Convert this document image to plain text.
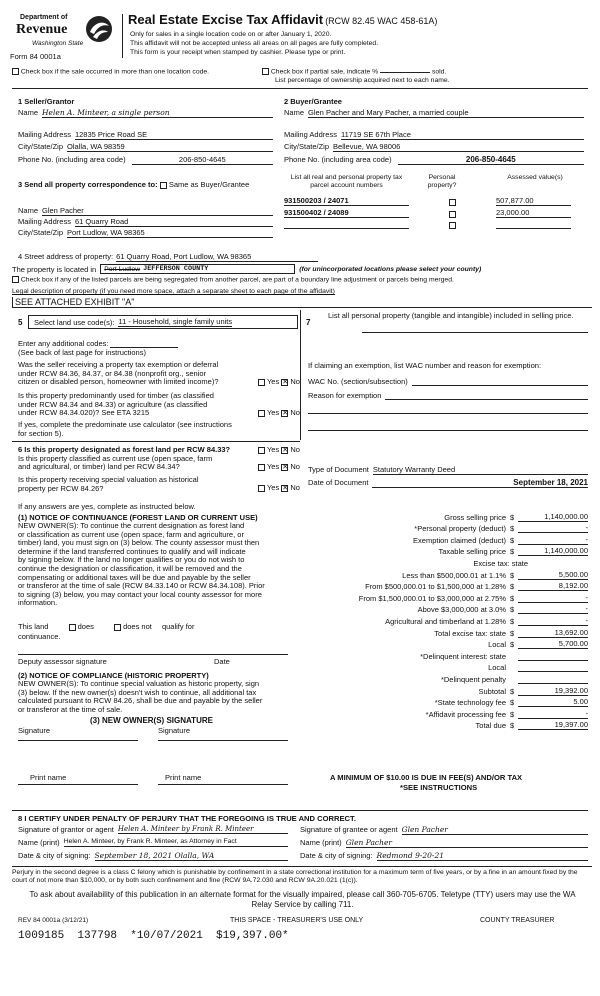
Department of
Revenue
Washington State
Form 84 0001a
Real Estate Excise Tax Affidavit (RCW 82.45 WAC 458-61A)
Only for sales in a single location code on or after January 1, 2020.
This affidavit will not be accepted unless all areas on all pages are fully completed.
This form is your receipt when stamped by cashier. Please type or print.
Check box if the sale occurred in more than one location code.	Check box if partial sale, indicate %	sold.
List percentage of ownership acquired next to each name.
1 Seller/Grantor
Name Helen A. Minteer, a single person
Mailing Address 12835 Price Road SE
City/State/Zip Olalla, WA 98359
Phone No. (including area code)	206-850-4645
2 Buyer/Grantee
Name Glen Pacher and Mary Pacher, a married couple
Mailing Address 11719 SE 67th Place
City/State/Zip Bellevue, WA 98006
Phone No. (including area code)	206-850-4645
3 Send all property correspondence to: Same as Buyer/Grantee
Name Glen Pacher
Mailing Address 61 Quarry Road
City/State/Zip Port Ludlow, WA 98365
List all real and personal property tax parcel account numbers
Personal property?
Assessed value(s)
931500203 / 24071	507,877.00
931500402 / 24089	23,000.00
4 Street address of property: 61 Quarry Road, Port Ludlow, WA 98365
The property is located in Port Ludlow JEFFERSON COUNTY	(for unincorporated locations please select your county)
Check box if any of the listed parcels are being segregated from another parcel, are part of a boundary line adjustment or parcels being merged.
Legal description of property (if you need more space, attach a separate sheet to each page of the affidavit)
SEE ATTACHED EXHIBIT "A"
5 Select land use code(s): 11 - Household, single family units
Enter any additional codes:
(See back of last page for instructions)
Was the seller receiving a property tax exemption or deferral
under RCW 84.36, 84.37, or 84.38 (nonprofit org., senior
citizen or disabled person, homeowner with limited income)?	Yes ✕ No
Is this property predominantly used for timber (as classified
under RCW 84.34 and 84.33) or agriculture (as classified
under RCW 84.34.020)? See ETA 3215	Yes ✕ No
If yes, complete the predominate use calculator (see instructions
for section 5).
6 Is this property designated as forest land per RCW 84.33?
Is this property classified as current use (open space, farm
and agricultural, or timber) land per RCW 84.34?
Yes ✕ No
Yes ✕ No
Is this property receiving special valuation as historical
property per RCW 84.26?	Yes ✕ No
If any answers are yes, complete as instructed below.
(1) NOTICE OF CONTINUANCE (FOREST LAND OR CURRENT USE)
NEW OWNER(S): To continue the current designation as forest land
or classification as current use (open space, farm and agriculture, or
timber) land, you must sign on (3) below. The county assessor must then
determine if the land transferred continues to qualify and will indicate
by signing below. If the land no longer qualifies or you do not wish to
continue the designation or classification, it will be removed and the
compensating or additional taxes will be due and payable by the seller
or transferor at the time of sale (RCW 84.33.140 or RCW 84.34.108). Prior
to signing (3) below, you may contact your local county assessor for more
information.
This land	does	does not qualify for
continuance.
Deputy assessor signature	Date
(2) NOTICE OF COMPLIANCE (HISTORIC PROPERTY)
NEW OWNER(S): To continue special valuation as historic property, sign
(3) below. If the new owner(s) doesn't wish to continue, all additional tax
calculated pursuant to RCW 84.26, shall be due and payable by the seller
or transferor at the time of sale.
(3) NEW OWNER(S) SIGNATURE
Signature	Signature
Print name	Print name
7
List all personal property (tangible and intangible) included in selling price.
If claiming an exemption, list WAC number and reason for exemption:
WAC No. (section/subsection)
Reason for exemption
Type of Document Statutory Warranty Deed
Date of Document	September 18, 2021
Gross selling price $	1,140,000.00
*Personal property (deduct) $	-
Exemption claimed (deduct) $	-
Taxable selling price $	1,140,000.00
Excise tax: state
Less than $500,000.01 at 1.1% $	5,500.00
From $500,000.01 to $1,500,000 at 1.28% $	8,192.00
From $1,500,000.01 to $3,000,000 at 2.75% $	-
Above $3,000,000 at 3.0% $	-
Agricultural and timberland at 1.28% $	-
Total excise tax: state $	13,692.00
Local $	5,700.00
*Delinquent interest: state
Local
*Delinquent penalty
Subtotal $	19,392.00
*State technology fee $	5.00
*Affidavit processing fee $	-
Total due $	19,397.00
A MINIMUM OF $10.00 IS DUE IN FEE(S) AND/OR TAX
*SEE INSTRUCTIONS
8 I CERTIFY UNDER PENALTY OF PERJURY THAT THE FOREGOING IS TRUE AND CORRECT.
Signature of grantor or agent Helen A. Minteer by Frank R. Minteer
Name (print) Helen A. Minteer, by Frank R. Minteer, as Attorney in Fact
Date & city of signing: September 18, 2021 Olalla, WA
Signature of grantee or agent Glen Pacher
Name (print) Glen Pacher
Date & city of signing: Redmond 9-20-21
Perjury in the second degree is a class C felony which is punishable by confinement in a state correctional institution for a maximum term of five years, or by a fine in an amount fixed by the court of not more than $10,000, or by both such confinement and fine (RCW 9A.72.030 and RCW 9A.20.021 (1(c)).
To ask about availability of this publication in an alternate format for the visually impaired, please call 360-705-6705. Teletype (TTY) users may use the WA Relay Service by calling 711.
REV 84 0001a (3/12/21)	THIS SPACE - TREASURER'S USE ONLY	COUNTY TREASURER
1009185  137798  *10/07/2021  $19,397.00*
